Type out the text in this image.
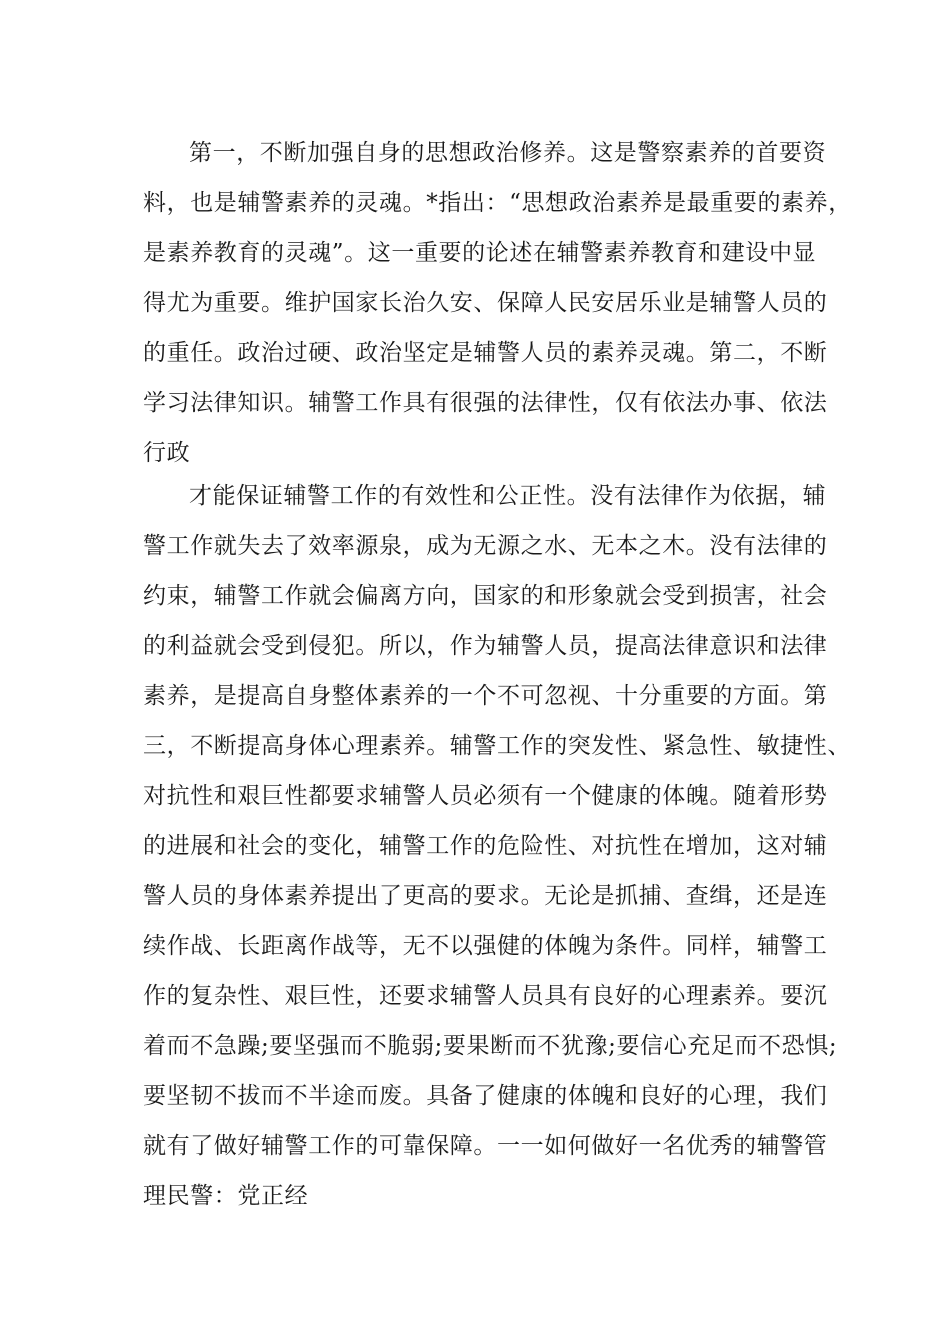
第一，不断加强自身的思想政治修养。这是警察素养的首要资
料，也是辅警素养的灵魂。*指出：“思想政治素养是最重要的素养，
是素养教育的灵魂”。这一重要的论述在辅警素养教育和建设中显
得尤为重要。维护国家长治久安、保障人民安居乐业是辅警人员的
的重任。政治过硬、政治坚定是辅警人员的素养灵魂。第二，不断
学习法律知识。辅警工作具有很强的法律性，仅有依法办事、依法
行政
才能保证辅警工作的有效性和公正性。没有法律作为依据，辅
警工作就失去了效率源泉，成为无源之水、无本之木。没有法律的
约束，辅警工作就会偏离方向，国家的和形象就会受到损害，社会
的利益就会受到侵犯。所以，作为辅警人员，提高法律意识和法律
素养，是提高自身整体素养的一个不可忽视、十分重要的方面。第
三，不断提高身体心理素养。辅警工作的突发性、紧急性、敏捷性、
对抗性和艰巨性都要求辅警人员必须有一个健康的体魄。随着形势
的进展和社会的变化，辅警工作的危险性、对抗性在增加，这对辅
警人员的身体素养提出了更高的要求。无论是抓捕、查缉，还是连
续作战、长距离作战等，无不以强健的体魄为条件。同样，辅警工
作的复杂性、艰巨性，还要求辅警人员具有良好的心理素养。要沉
着而不急躁;要坚强而不脆弱;要果断而不犹豫;要信心充足而不恐惧;
要坚韧不拔而不半途而废。具备了健康的体魄和良好的心理，我们
就有了做好辅警工作的可靠保障。一一如何做好一名优秀的辅警管
理民警：党正经
